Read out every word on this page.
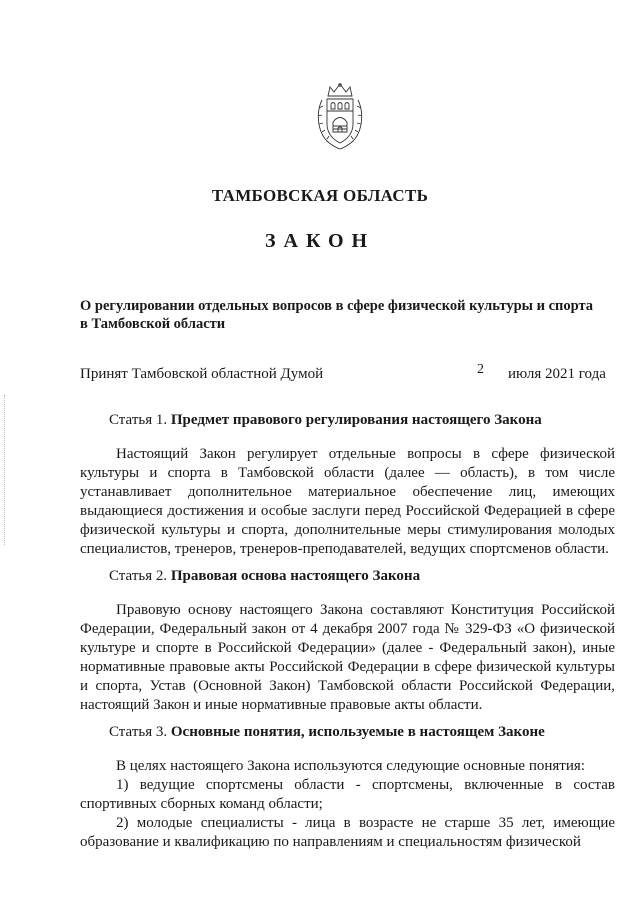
ТАМБОВСКАЯ ОБЛАСТЬ
ЗАКОН
О регулировании отдельных вопросов в сфере физической культуры и спорта
в Тамбовской области
Принят Тамбовской областной Думой	2 июля 2021 года
Статья 1. Предмет правового регулирования настоящего Закона

Настоящий Закон регулирует отдельные вопросы в сфере физической культуры и спорта в Тамбовской области (далее — область), в том числе устанавливает дополнительное материальное обеспечение лиц, имеющих выдающиеся достижения и особые заслуги перед Российской Федерацией в сфере физической культуры и спорта, дополнительные меры стимулирования молодых специалистов, тренеров, тренеров-преподавателей, ведущих спортсменов области.

Статья 2. Правовая основа настоящего Закона

Правовую основу настоящего Закона составляют Конституция Российской Федерации, Федеральный закон от 4 декабря 2007 года № 329-ФЗ «О физической культуре и спорте в Российской Федерации» (далее - Федеральный закон), иные нормативные правовые акты Российской Федерации в сфере физической культуры и спорта, Устав (Основной Закон) Тамбовской области Российской Федерации, настоящий Закон и иные нормативные правовые акты области.

Статья 3. Основные понятия, используемые в настоящем Законе

В целях настоящего Закона используются следующие основные понятия:

1) ведущие спортсмены области - спортсмены, включенные в состав спортивных сборных команд области;

2) молодые специалисты - лица в возрасте не старше 35 лет, имеющие образование и квалификацию по направлениям и специальностям физической
